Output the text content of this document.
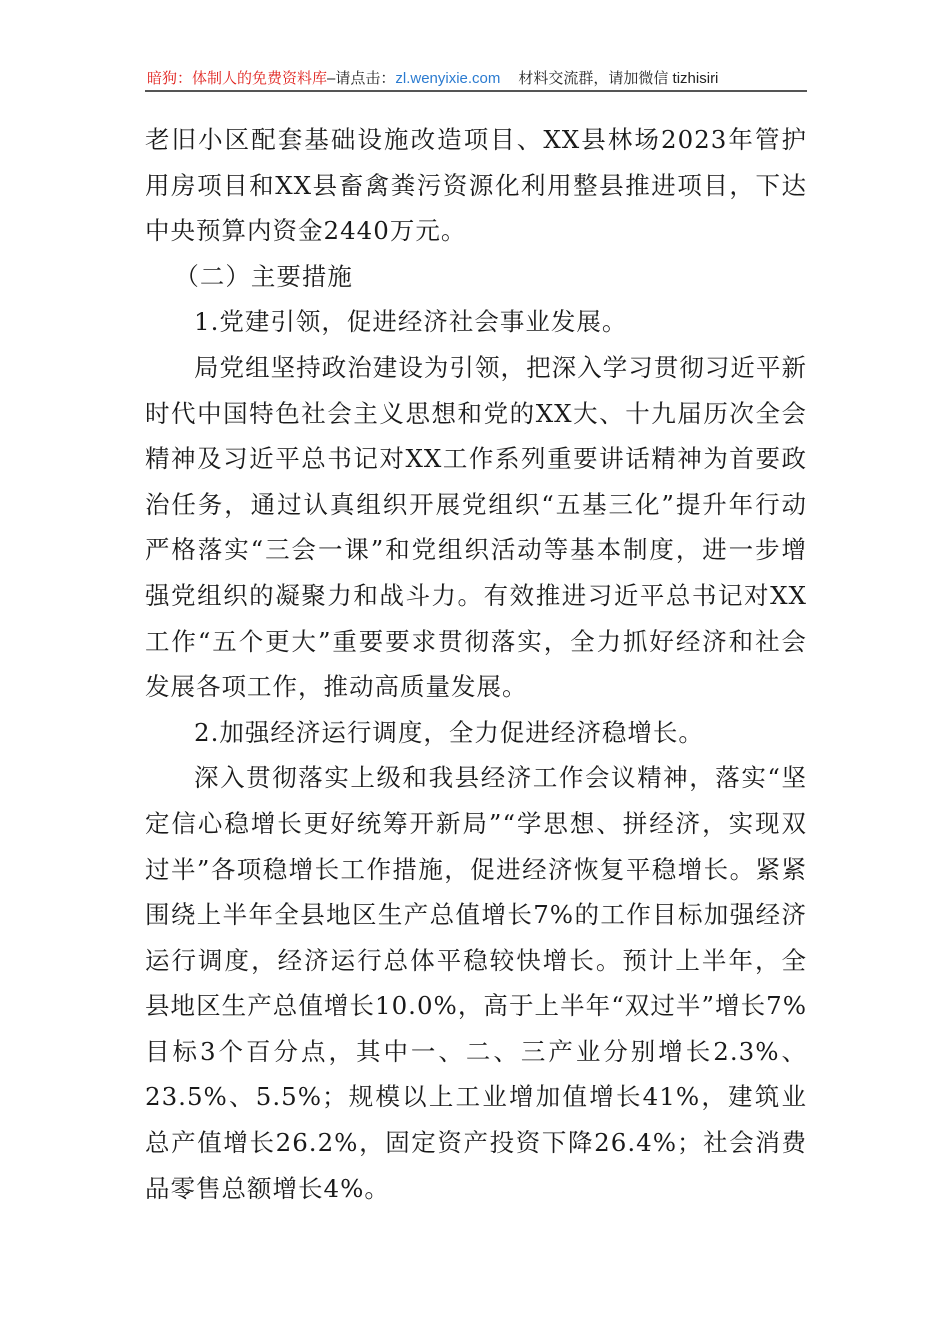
暗狗：体制人的免费资料库–请点击：zl.wenyixie.com 材料交流群，请加微信 tizhisiri

老旧小区配套基础设施改造项目、XX县林场2023年管护用房项目和XX县畜禽粪污资源化利用整县推进项目，下达中央预算内资金2440万元。

（二）主要措施

1.党建引领，促进经济社会事业发展。

局党组坚持政治建设为引领，把深入学习贯彻习近平新时代中国特色社会主义思想和党的XX大、十九届历次全会精神及习近平总书记对XX工作系列重要讲话精神为首要政治任务，通过认真组织开展党组织“五基三化”提升年行动严格落实“三会一课”和党组织活动等基本制度，进一步增强党组织的凝聚力和战斗力。有效推进习近平总书记对XX工作“五个更大”重要要求贯彻落实，全力抓好经济和社会发展各项工作，推动高质量发展。

2.加强经济运行调度，全力促进经济稳增长。

深入贯彻落实上级和我县经济工作会议精神，落实“坚定信心稳增长更好统筹开新局”“学思想、拼经济，实现双过半”各项稳增长工作措施，促进经济恢复平稳增长。紧紧围绕上半年全县地区生产总值增长7%的工作目标加强经济运行调度，经济运行总体平稳较快增长。预计上半年，全县地区生产总值增长10.0%，高于上半年“双过半”增长7%目标3个百分点，其中一、二、三产业分别增长2.3%、23.5%、5.5%；规模以上工业增加值增长41%，建筑业总产值增长26.2%，固定资产投资下降26.4%；社会消费品零售总额增长4%。
